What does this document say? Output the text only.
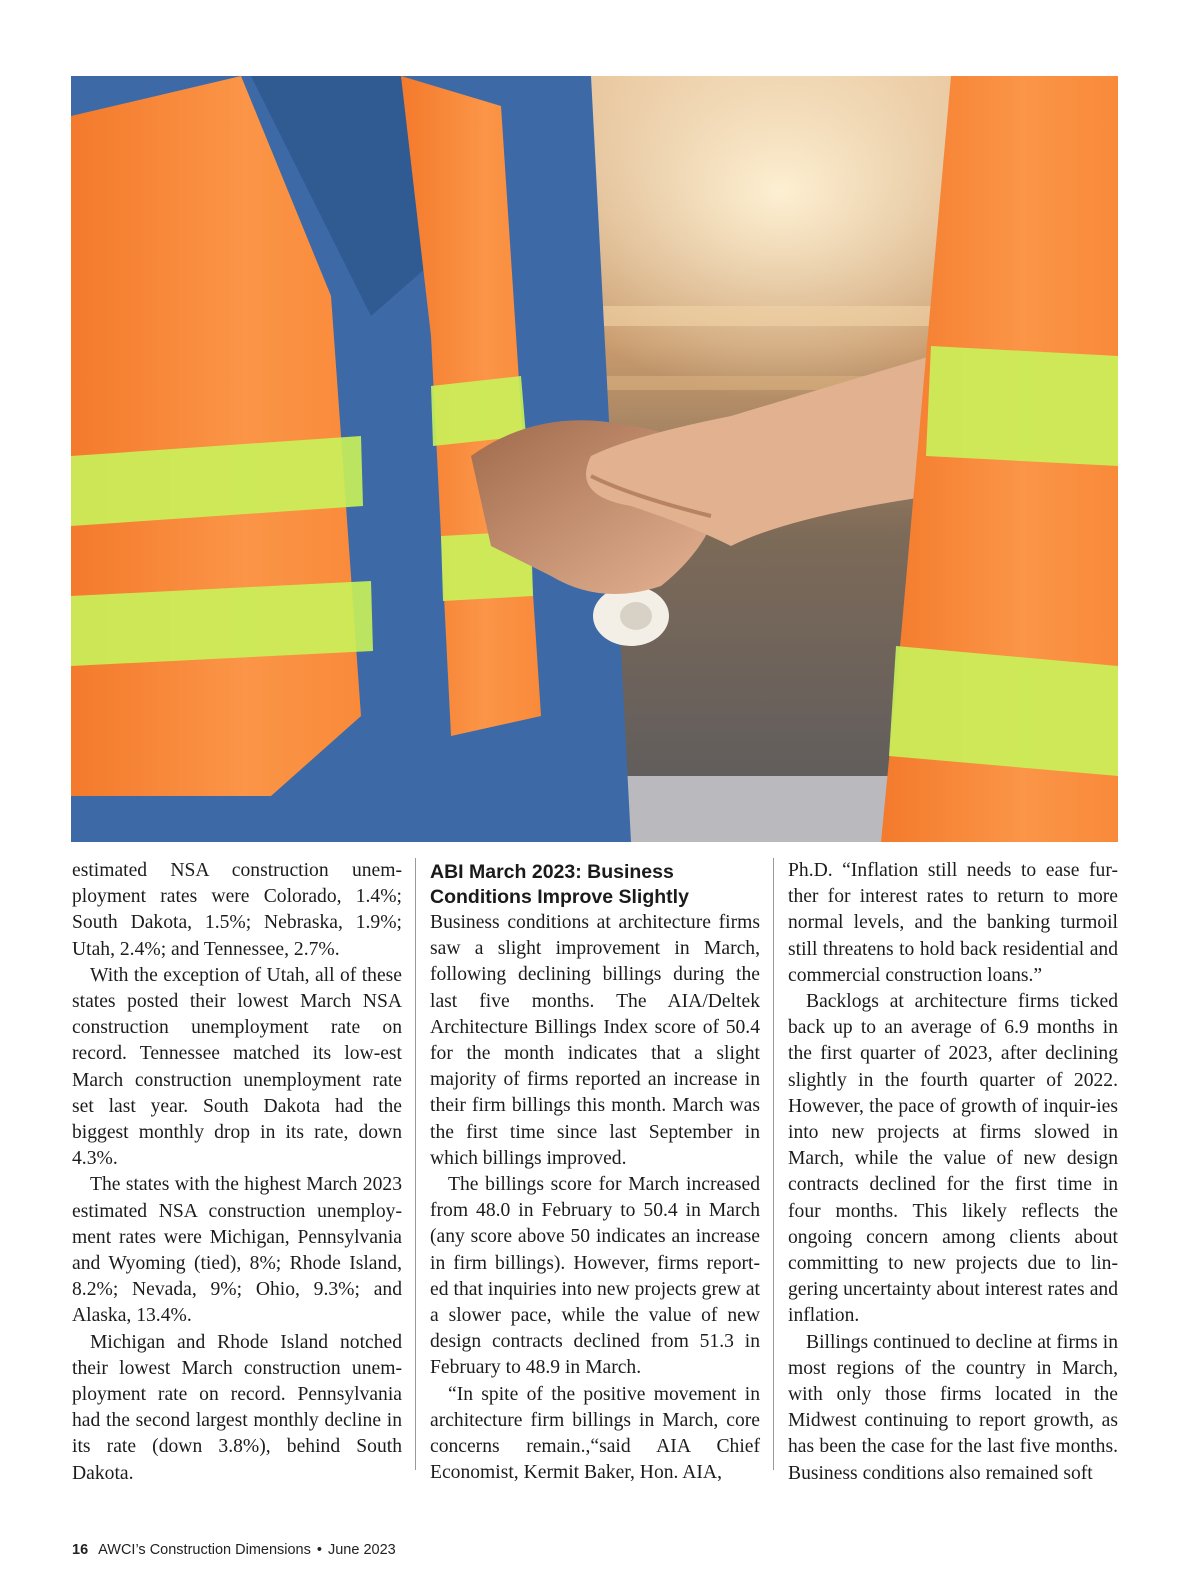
estimated NSA construction unem-ployment rates were Colorado, 1.4%; South Dakota, 1.5%; Nebraska, 1.9%; Utah, 2.4%; and Tennessee, 2.7%.

With the exception of Utah, all of these states posted their lowest March NSA construction unemployment rate on record. Tennessee matched its low-est March construction unemployment rate set last year. South Dakota had the biggest monthly drop in its rate, down 4.3%.

The states with the highest March 2023 estimated NSA construction unemploy-ment rates were Michigan, Pennsylvania and Wyoming (tied), 8%; Rhode Island, 8.2%; Nevada, 9%; Ohio, 9.3%; and Alaska, 13.4%.

Michigan and Rhode Island notched their lowest March construction unem-ployment rate on record. Pennsylvania had the second largest monthly decline in its rate (down 3.8%), behind South Dakota.

ABI March 2023: Business Conditions Improve Slightly

Business conditions at architecture firms saw a slight improvement in March, following declining billings during the last five months. The AIA/Deltek Architecture Billings Index score of 50.4 for the month indicates that a slight majority of firms reported an increase in their firm billings this month. March was the first time since last September in which billings improved.

The billings score for March increased from 48.0 in February to 50.4 in March (any score above 50 indicates an increase in firm billings). However, firms report-ed that inquiries into new projects grew at a slower pace, while the value of new design contracts declined from 51.3 in February to 48.9 in March.

“In spite of the positive movement in architecture firm billings in March, core concerns remain.,“said AIA Chief Economist, Kermit Baker, Hon. AIA,

Ph.D. “Inflation still needs to ease fur-ther for interest rates to return to more normal levels, and the banking turmoil still threatens to hold back residential and commercial construction loans.”

Backlogs at architecture firms ticked back up to an average of 6.9 months in the first quarter of 2023, after declining slightly in the fourth quarter of 2022. However, the pace of growth of inquir-ies into new projects at firms slowed in March, while the value of new design contracts declined for the first time in four months. This likely reflects the ongoing concern among clients about committing to new projects due to lin-gering uncertainty about interest rates and inflation.

Billings continued to decline at firms in most regions of the country in March, with only those firms located in the Midwest continuing to report growth, as has been the case for the last five months. Business conditions also remained soft

16 AWCI’s Construction Dimensions • June 2023
